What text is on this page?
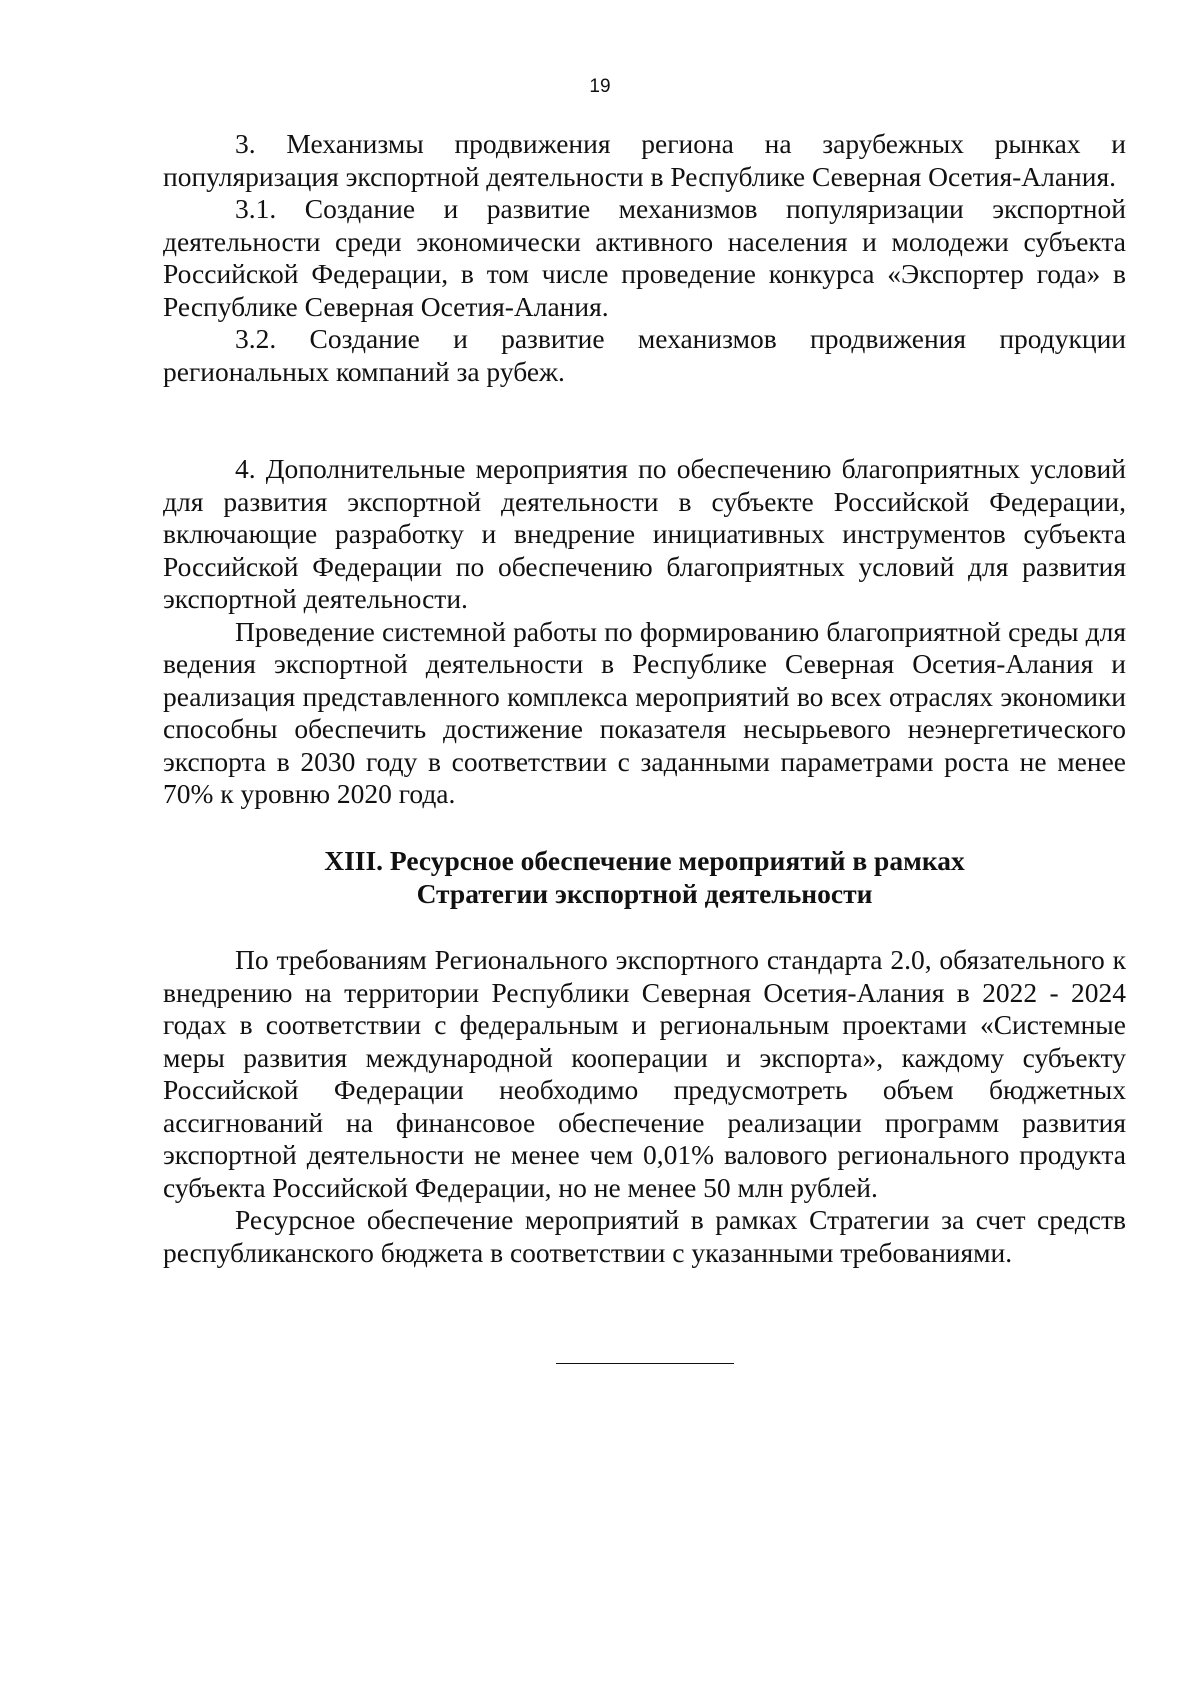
19

3. Механизмы продвижения региона на зарубежных рынках и популяризация экспортной деятельности в Республике Северная Осетия-Алания.

3.1. Создание и развитие механизмов популяризации экспортной деятельности среди экономически активного населения и молодежи субъекта Российской Федерации, в том числе проведение конкурса «Экспортер года» в Республике Северная Осетия-Алания.

3.2. Создание и развитие механизмов продвижения продукции региональных компаний за рубеж.

4. Дополнительные мероприятия по обеспечению благоприятных условий для развития экспортной деятельности в субъекте Российской Федерации, включающие разработку и внедрение инициативных инструментов субъекта Российской Федерации по обеспечению благоприятных условий для развития экспортной деятельности.

Проведение системной работы по формированию благоприятной среды для ведения экспортной деятельности в Республике Северная Осетия-Алания и реализация представленного комплекса мероприятий во всех отраслях экономики способны обеспечить достижение показателя несырьевого неэнергетического экспорта в 2030 году в соответствии с заданными параметрами роста не менее 70% к уровню 2020 года.

XIII. Ресурсное обеспечение мероприятий в рамках
Стратегии экспортной деятельности

По требованиям Регионального экспортного стандарта 2.0, обязательного к внедрению на территории Республики Северная Осетия-Алания в 2022 - 2024 годах в соответствии с федеральным и региональным проектами «Системные меры развития международной кооперации и экспорта», каждому субъекту Российской Федерации необходимо предусмотреть объем бюджетных ассигнований на финансовое обеспечение реализации программ развития экспортной деятельности не менее чем 0,01% валового регионального продукта субъекта Российской Федерации, но не менее 50 млн рублей.

Ресурсное обеспечение мероприятий в рамках Стратегии за счет средств республиканского бюджета в соответствии с указанными требованиями.
